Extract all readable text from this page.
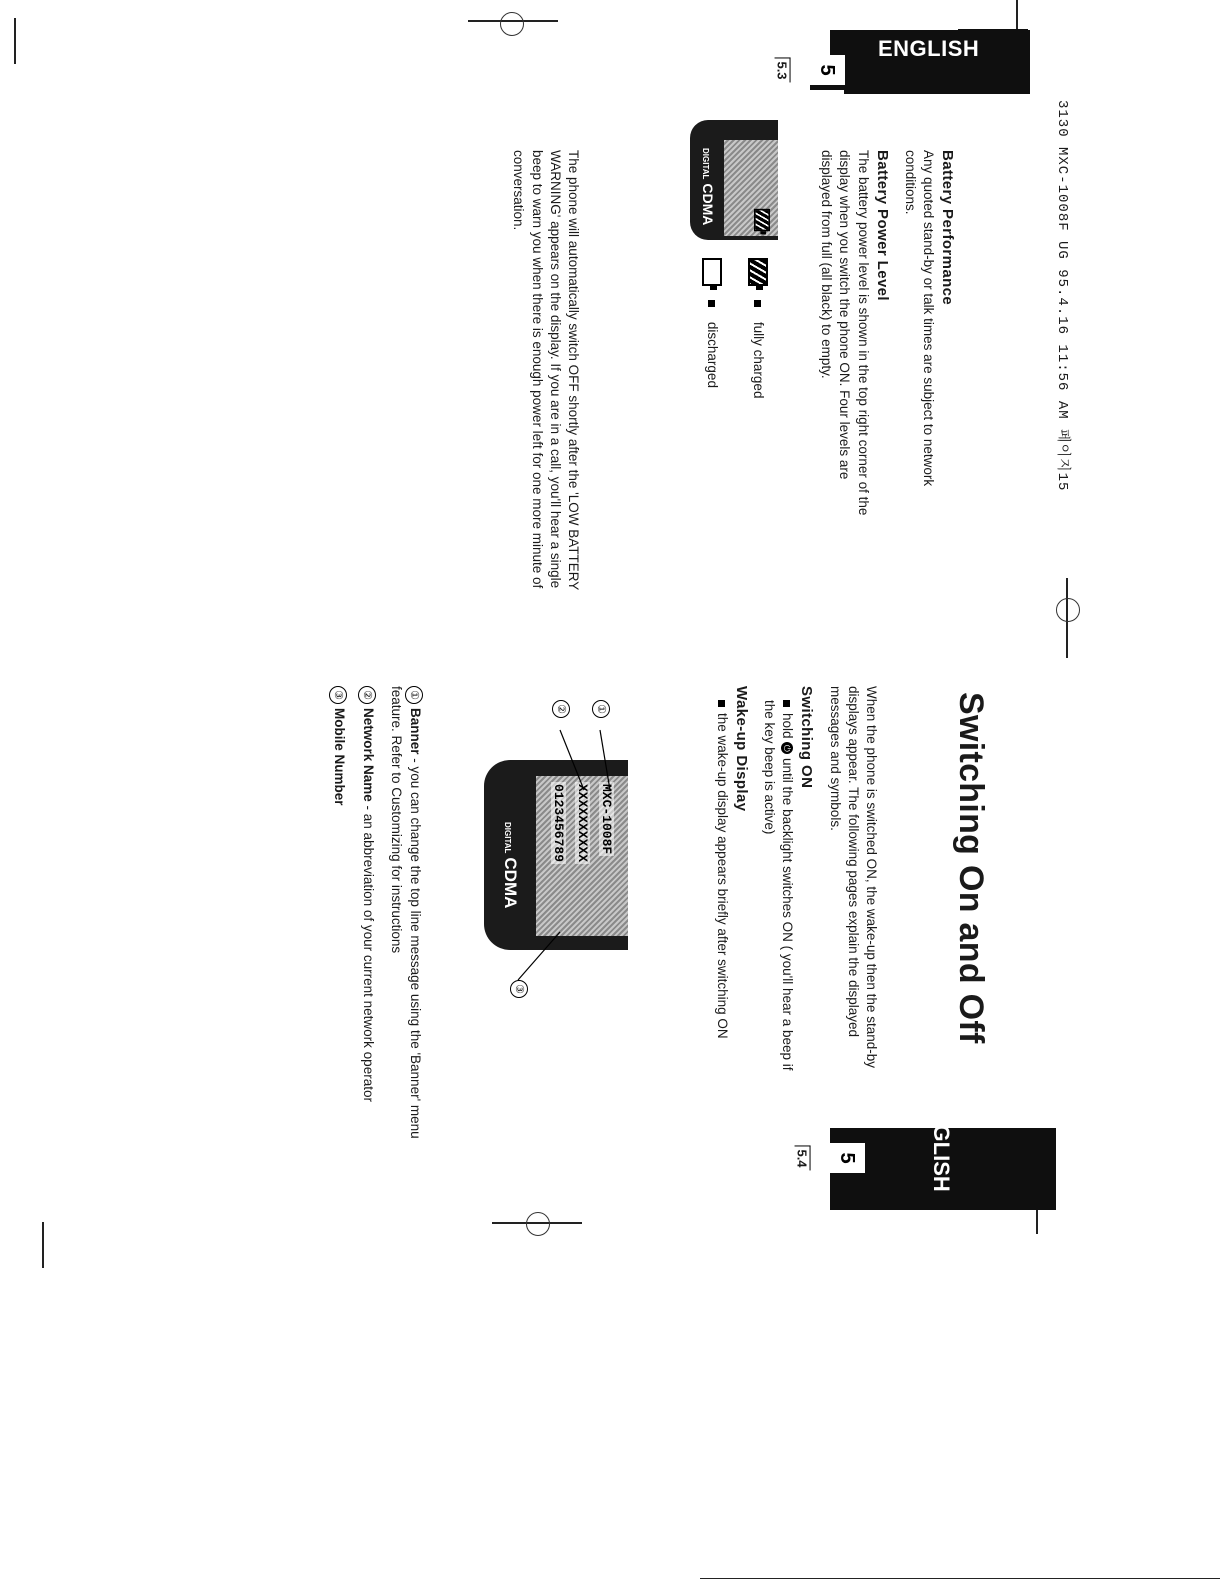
3130 MXC-1008F UG 95.4.16 11:56 AM 페이지15
ENGLISH

Battery Performance

Any quoted stand-by or talk times are subject to network conditions.

Battery Power Level

The battery power level is shown in the top right corner of the display when you switch the phone ON. Four levels are displayed from full (all black) to empty.

fully charged
discharged
DIGITALCDMA

The phone will automatically switch OFF shortly after the 'LOW BATTERY WARNING' appears on the display. If you are in a call, you'll hear a single beep to warn you when there is enough power left for one more minute of conversation.

5
5.3
Switching On and Off

When the phone is switched ON, the wake-up then the stand-by displays appear. The following pages explain the displayed messages and symbols.

Switching ON

hold ⏻ until the backlight switches ON ( you'll hear a beep if the key beep is active)

Wake-up Display

the wake-up display appears briefly after switching ON

MXC-1008F
XXXXXXXXXX
0123456789
DIGITALCDMA
①
②
③

①Banner - you can change the top line message using the 'Banner' menu feature. Refer to Customizing for instructions

②Network Name - an abbreviation of your current network operator

③Mobile Number

ENGLISH
5
5.4
